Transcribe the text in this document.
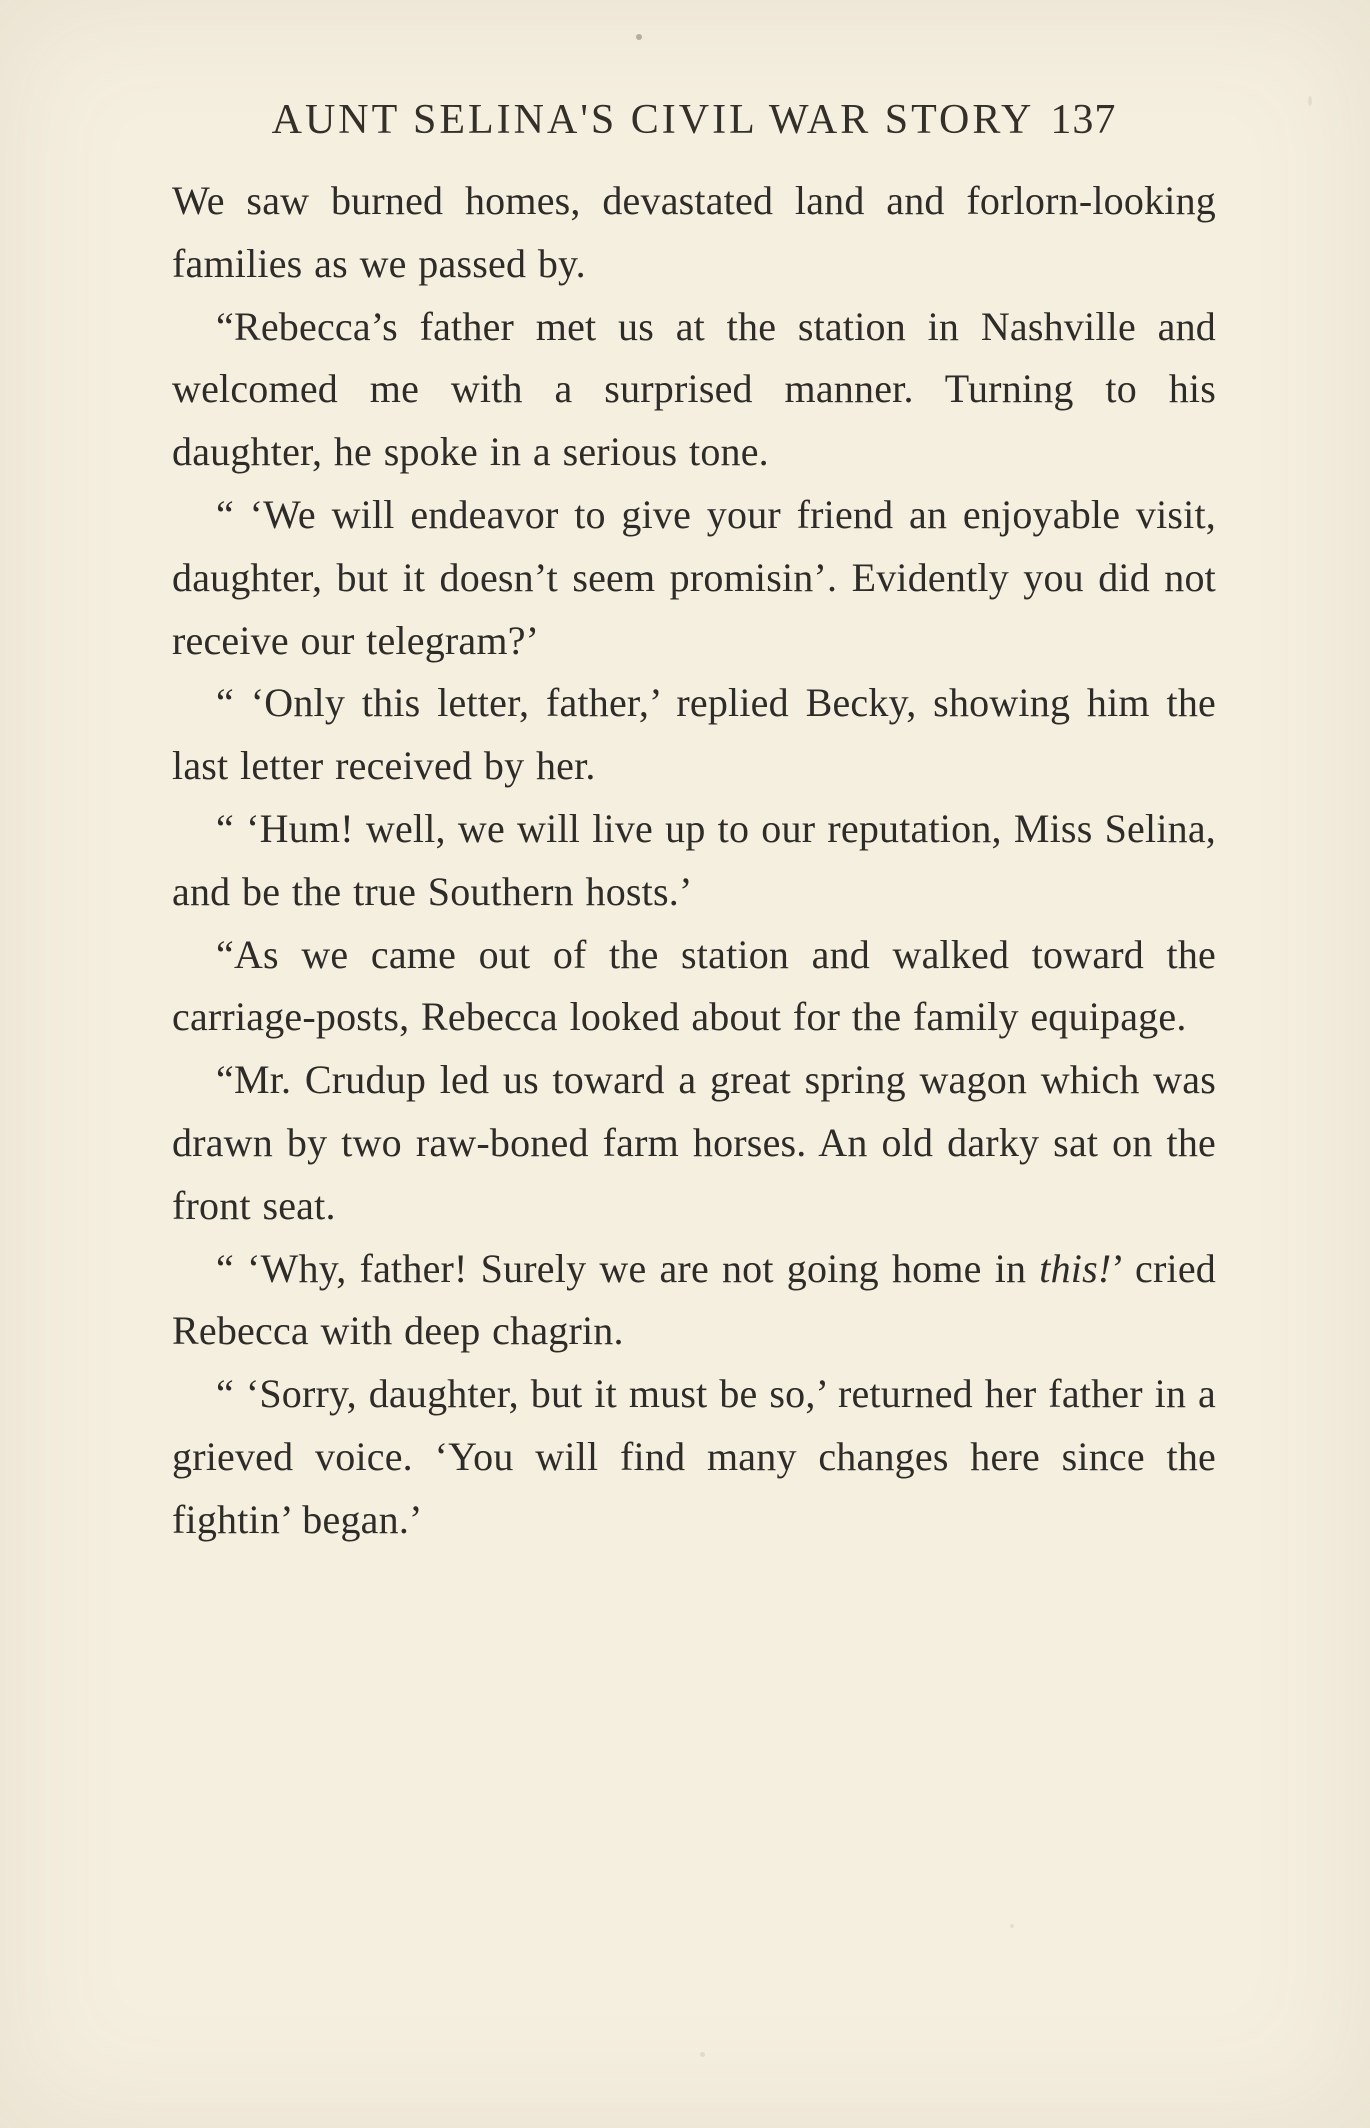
AUNT SELINA'S CIVIL WAR STORY 137

We saw burned homes, devastated land and forlorn-looking families as we passed by.

“Rebecca’s father met us at the station in Nashville and welcomed me with a surprised manner. Turning to his daughter, he spoke in a serious tone.

“ ‘We will endeavor to give your friend an enjoyable visit, daughter, but it doesn’t seem promisin’. Evidently you did not receive our telegram?’

“ ‘Only this letter, father,’ replied Becky, showing him the last letter received by her.

“ ‘Hum! well, we will live up to our reputation, Miss Selina, and be the true Southern hosts.’

“As we came out of the station and walked toward the carriage-posts, Rebecca looked about for the family equipage.

“Mr. Crudup led us toward a great spring wagon which was drawn by two raw-boned farm horses. An old darky sat on the front seat.

“ ‘Why, father! Surely we are not going home in this!’ cried Rebecca with deep chagrin.

“ ‘Sorry, daughter, but it must be so,’ returned her father in a grieved voice. ‘You will find many changes here since the fightin’ began.’
